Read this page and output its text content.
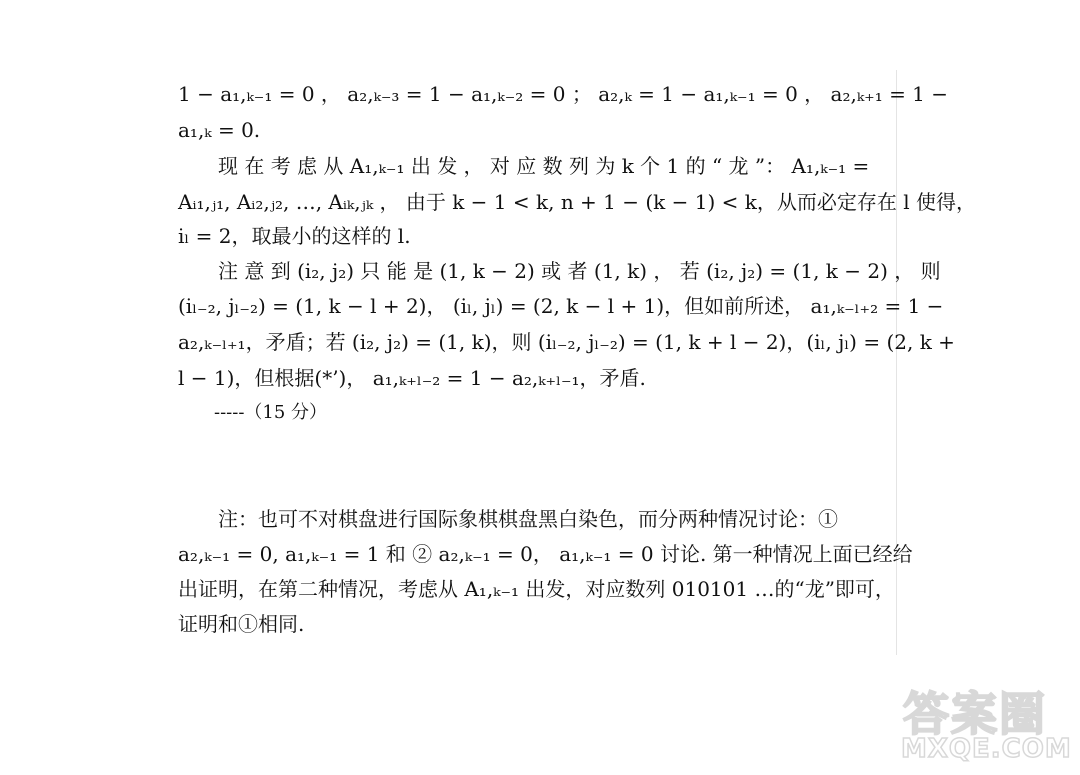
1 − a₁,ₖ₋₁ = 0 ， a₂,ₖ₋₃ = 1 − a₁,ₖ₋₂ = 0 ； a₂,ₖ = 1 − a₁,ₖ₋₁ = 0 ， a₂,ₖ₊₁ = 1 −
a₁,ₖ = 0.
　　现 在 考 虑 从 A₁,ₖ₋₁ 出 发 ， 对 应 数 列 为 k 个 1 的 “ 龙 ”： A₁,ₖ₋₁ =
Aᵢ₁,ⱼ₁, Aᵢ₂,ⱼ₂, …, Aᵢₖ,ⱼₖ ， 由于 k − 1 < k, n + 1 − (k − 1) < k，从而必定存在 l 使得，
iₗ = 2，取最小的这样的 l.
　　注 意 到 (i₂, j₂) 只 能 是 (1, k − 2) 或 者 (1, k) ， 若 (i₂, j₂) = (1, k − 2) ， 则
(iₗ₋₂, jₗ₋₂) = (1, k − l + 2)， (iₗ, jₗ) = (2, k − l + 1)，但如前所述， a₁,ₖ₋ₗ₊₂ = 1 −
a₂,ₖ₋ₗ₊₁，矛盾；若 (i₂, j₂) = (1, k)，则 (iₗ₋₂, jₗ₋₂) = (1, k + l − 2)，(iₗ, jₗ) = (2, k +
l − 1)，但根据(*’)， a₁,ₖ₊ₗ₋₂ = 1 − a₂,ₖ₊ₗ₋₁，矛盾.
　　-----（15 分）
　　注：也可不对棋盘进行国际象棋棋盘黑白染色，而分两种情况讨论：①
a₂,ₖ₋₁ = 0, a₁,ₖ₋₁ = 1 和 ② a₂,ₖ₋₁ = 0， a₁,ₖ₋₁ = 0 讨论. 第一种情况上面已经给
出证明，在第二种情况，考虑从 A₁,ₖ₋₁ 出发，对应数列 010101 …的“龙”即可，
证明和①相同.
答案圈
MXQE.COM
